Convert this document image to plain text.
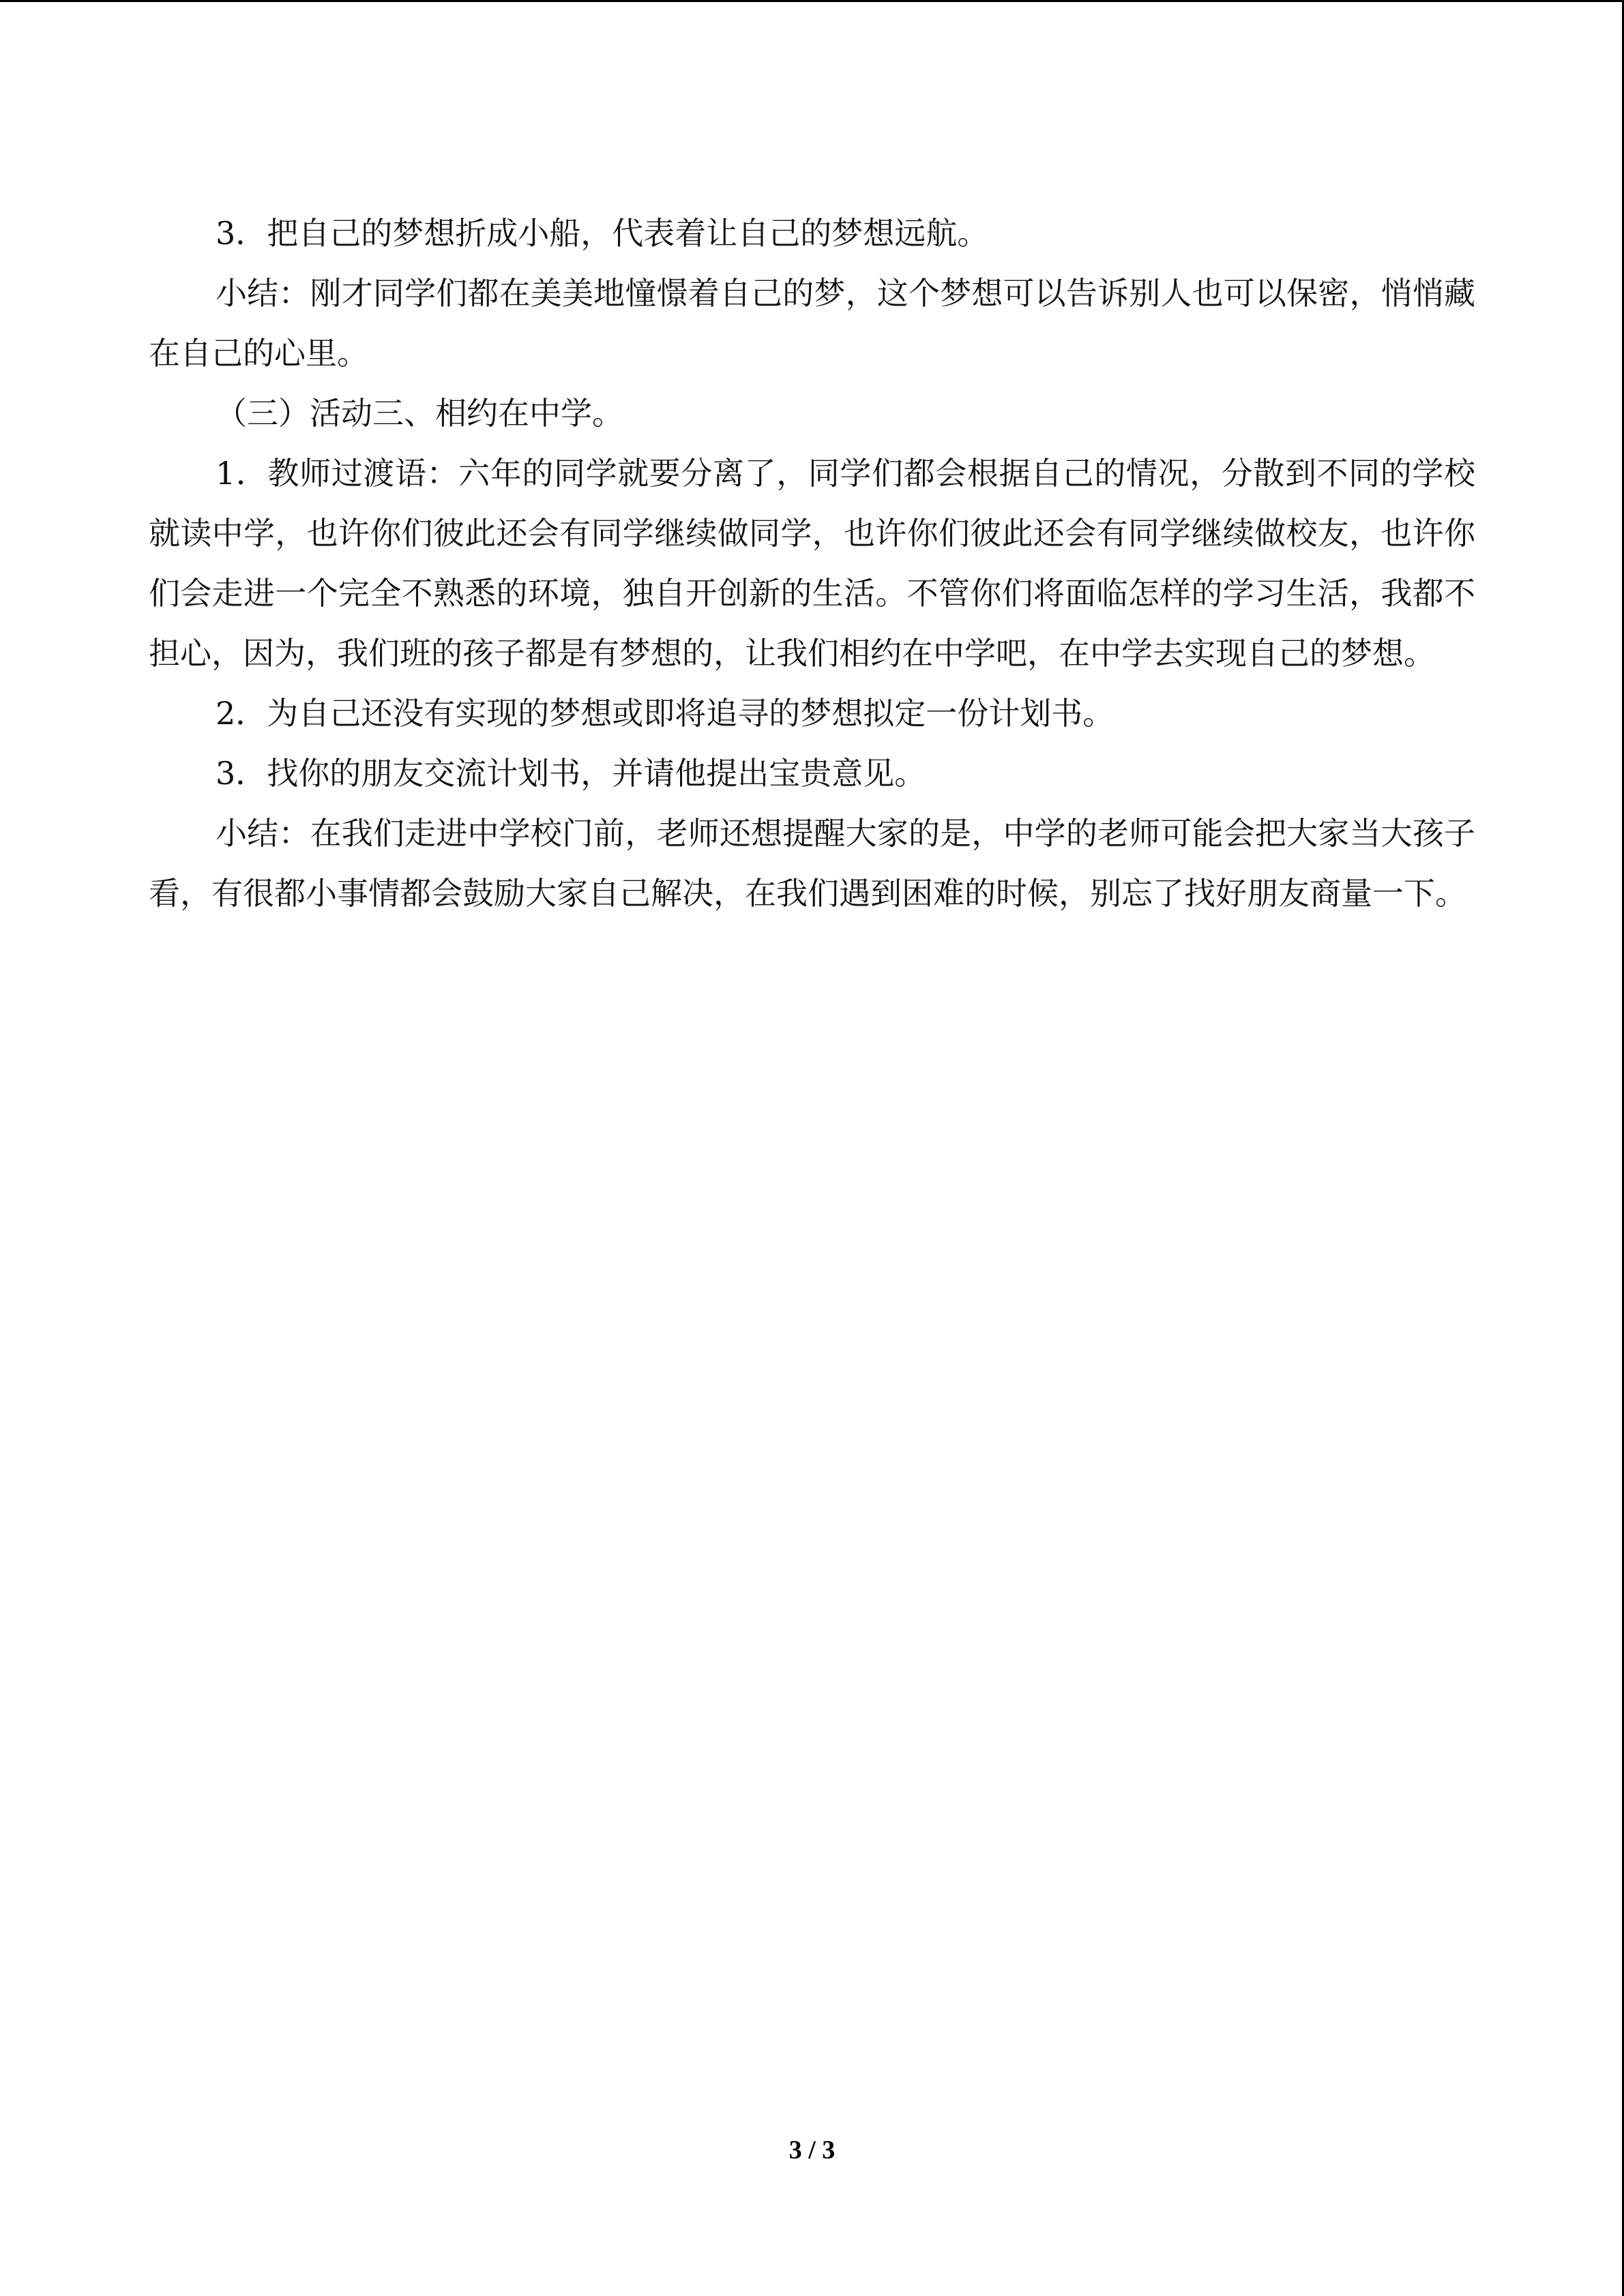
3．把自己的梦想折成小船，代表着让自己的梦想远航。

小结：刚才同学们都在美美地憧憬着自己的梦，这个梦想可以告诉别人也可以保密，悄悄藏在自己的心里。

（三）活动三、相约在中学。

1．教师过渡语：六年的同学就要分离了，同学们都会根据自己的情况，分散到不同的学校就读中学，也许你们彼此还会有同学继续做同学，也许你们彼此还会有同学继续做校友，也许你们会走进一个完全不熟悉的环境，独自开创新的生活。不管你们将面临怎样的学习生活，我都不担心，因为，我们班的孩子都是有梦想的，让我们相约在中学吧，在中学去实现自己的梦想。

2．为自己还没有实现的梦想或即将追寻的梦想拟定一份计划书。

3．找你的朋友交流计划书，并请他提出宝贵意见。

小结：在我们走进中学校门前，老师还想提醒大家的是，中学的老师可能会把大家当大孩子看，有很都小事情都会鼓励大家自己解决，在我们遇到困难的时候，别忘了找好朋友商量一下。

3 / 3
